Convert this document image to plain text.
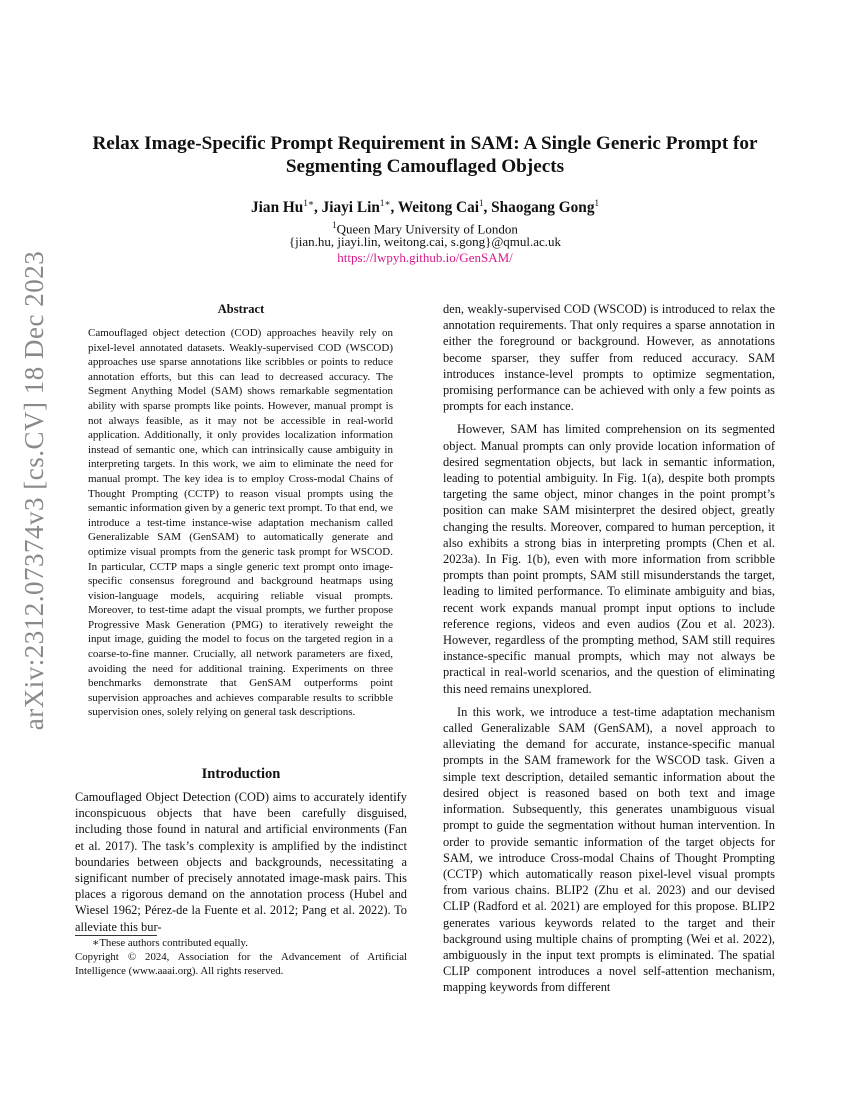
arXiv:2312.07374v3 [cs.CV] 18 Dec 2023
Relax Image-Specific Prompt Requirement in SAM: A Single Generic Prompt for Segmenting Camouflaged Objects
Jian $Hu^{1∗}$, Jiayi Lin$^{1∗}$, Weitong Cai$^1$, Shaogang Gong$^1$
$^1$Queen Mary University of London
{jian.hu, jiayi.lin, weitong.cai, s.gong}@qmul.ac.uk
https://lwpyh.github.io/GenSAM/
Abstract
Camouflaged object detection (COD) approaches heavily rely on pixel-level annotated datasets. Weakly-supervised COD (WSCOD) approaches use sparse annotations like scribbles or points to reduce annotation efforts, but this can lead to decreased accuracy. The Segment Anything Model (SAM) shows remarkable segmentation ability with sparse prompts like points. However, manual prompt is not always feasible, as it may not be accessible in real-world application. Additionally, it only provides localization information instead of semantic one, which can intrinsically cause ambiguity in interpreting targets. In this work, we aim to eliminate the need for manual prompt. The key idea is to employ Cross-modal Chains of Thought Prompting (CCTP) to reason visual prompts using the semantic information given by a generic text prompt. To that end, we introduce a test-time instance-wise adaptation mechanism called Generalizable SAM (GenSAM) to automatically generate and optimize visual prompts from the generic task prompt for WSCOD. In particular, CCTP maps a single generic text prompt onto image-specific consensus foreground and background heatmaps using vision-language models, acquiring reliable visual prompts. Moreover, to test-time adapt the visual prompts, we further propose Progressive Mask Generation (PMG) to iteratively reweight the input image, guiding the model to focus on the targeted region in a coarse-to-fine manner. Crucially, all network parameters are fixed, avoiding the need for additional training. Experiments on three benchmarks demonstrate that GenSAM outperforms point supervision approaches and achieves comparable results to scribble supervision ones, solely relying on general task descriptions.
Introduction
Camouflaged Object Detection (COD) aims to accurately identify inconspicuous objects that have been carefully disguised, including those found in natural and artificial environments (Fan et al. 2017). The task’s complexity is amplified by the indistinct boundaries between objects and backgrounds, necessitating a significant number of precisely annotated image-mask pairs. This places a rigorous demand on the annotation process (Hubel and Wiesel 1962; Pérez-de la Fuente et al. 2012; Pang et al. 2022). To alleviate this bur-
∗These authors contributed equally.
Copyright © 2024, Association for the Advancement of Artificial Intelligence (www.aaai.org). All rights reserved.

den, weakly-supervised COD (WSCOD) is introduced to relax the annotation requirements. That only requires a sparse annotation in either the foreground or background. However, as annotations become sparser, they suffer from reduced accuracy. SAM introduces instance-level prompts to optimize segmentation, promising performance can be achieved with only a few points as prompts for each instance.

However, SAM has limited comprehension on its segmented object. Manual prompts can only provide location information of desired segmentation objects, but lack in semantic information, leading to potential ambiguity. In Fig. 1(a), despite both prompts targeting the same object, minor changes in the point prompt’s position can make SAM misinterpret the desired object, greatly changing the results. Moreover, compared to human perception, it also exhibits a strong bias in interpreting prompts (Chen et al. 2023a). In Fig. 1(b), even with more information from scribble prompts than point prompts, SAM still misunderstands the target, leading to limited performance. To eliminate ambiguity and bias, recent work expands manual prompt input options to include reference regions, videos and even audios (Zou et al. 2023). However, regardless of the prompting method, SAM still requires instance-specific manual prompts, which may not always be practical in real-world scenarios, and the question of eliminating this need remains unexplored.

In this work, we introduce a test-time adaptation mechanism called Generalizable SAM (GenSAM), a novel approach to alleviating the demand for accurate, instance-specific manual prompts in the SAM framework for the WSCOD task. Given a simple text description, detailed semantic information about the desired object is reasoned based on both text and image information. Subsequently, this generates unambiguous visual prompt to guide the segmentation without human intervention. In order to provide semantic information of the target objects for SAM, we introduce Cross-modal Chains of Thought Prompting (CCTP) which automatically reason pixel-level visual prompts from various chains. BLIP2 (Zhu et al. 2023) and our devised CLIP (Radford et al. 2021) are employed for this propose. BLIP2 generates various keywords related to the target and their background using multiple chains of prompting (Wei et al. 2022), ambiguously in the input text prompts is eliminated. The spatial CLIP component introduces a novel self-attention mechanism, mapping keywords from different
